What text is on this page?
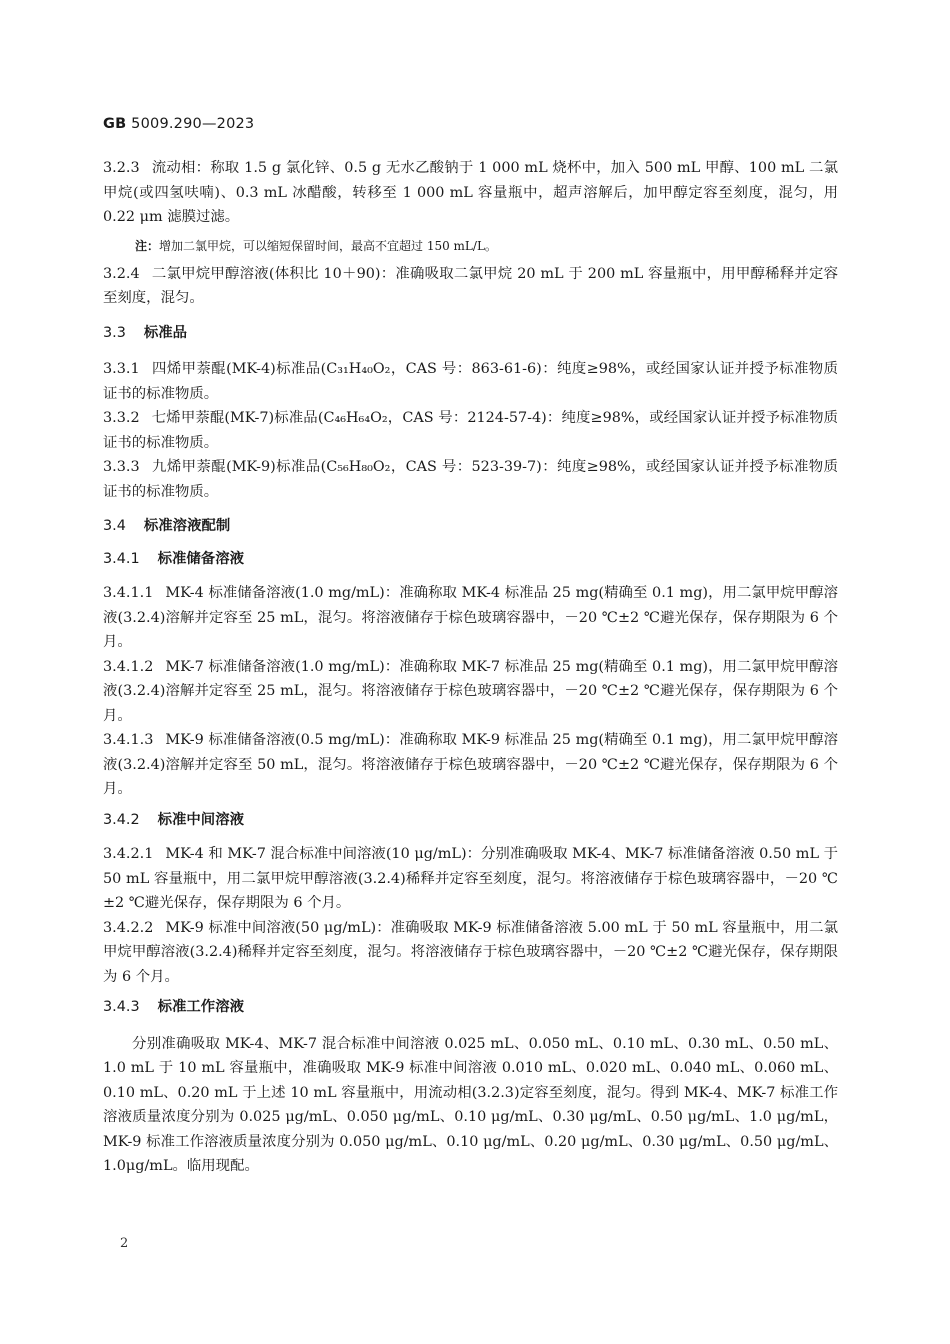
GB 5009.290—2023

3.2.3 流动相：称取 1.5 g 氯化锌、0.5 g 无水乙酸钠于 1 000 mL 烧杯中，加入 500 mL 甲醇、100 mL 二氯甲烷(或四氢呋喃)、0.3 mL 冰醋酸，转移至 1 000 mL 容量瓶中，超声溶解后，加甲醇定容至刻度，混匀，用 0.22 μm 滤膜过滤。

注：增加二氯甲烷，可以缩短保留时间，最高不宜超过 150 mL/L。

3.2.4 二氯甲烷甲醇溶液(体积比 10＋90)：准确吸取二氯甲烷 20 mL 于 200 mL 容量瓶中，用甲醇稀释并定容至刻度，混匀。

3.3 标准品

3.3.1 四烯甲萘醌(MK-4)标准品(C₃₁H₄₀O₂，CAS 号：863-61-6)：纯度≥98%，或经国家认证并授予标准物质证书的标准物质。

3.3.2 七烯甲萘醌(MK-7)标准品(C₄₆H₆₄O₂，CAS 号：2124-57-4)：纯度≥98%，或经国家认证并授予标准物质证书的标准物质。

3.3.3 九烯甲萘醌(MK-9)标准品(C₅₆H₈₀O₂，CAS 号：523-39-7)：纯度≥98%，或经国家认证并授予标准物质证书的标准物质。

3.4 标准溶液配制
3.4.1 标准储备溶液

3.4.1.1 MK-4 标准储备溶液(1.0 mg/mL)：准确称取 MK-4 标准品 25 mg(精确至 0.1 mg)，用二氯甲烷甲醇溶液(3.2.4)溶解并定容至 25 mL，混匀。将溶液储存于棕色玻璃容器中，－20 ℃±2 ℃避光保存，保存期限为 6 个月。

3.4.1.2 MK-7 标准储备溶液(1.0 mg/mL)：准确称取 MK-7 标准品 25 mg(精确至 0.1 mg)，用二氯甲烷甲醇溶液(3.2.4)溶解并定容至 25 mL，混匀。将溶液储存于棕色玻璃容器中，－20 ℃±2 ℃避光保存，保存期限为 6 个月。

3.4.1.3 MK-9 标准储备溶液(0.5 mg/mL)：准确称取 MK-9 标准品 25 mg(精确至 0.1 mg)，用二氯甲烷甲醇溶液(3.2.4)溶解并定容至 50 mL，混匀。将溶液储存于棕色玻璃容器中，－20 ℃±2 ℃避光保存，保存期限为 6 个月。

3.4.2 标准中间溶液

3.4.2.1 MK-4 和 MK-7 混合标准中间溶液(10 μg/mL)：分别准确吸取 MK-4、MK-7 标准储备溶液 0.50 mL 于 50 mL 容量瓶中，用二氯甲烷甲醇溶液(3.2.4)稀释并定容至刻度，混匀。将溶液储存于棕色玻璃容器中，－20 ℃±2 ℃避光保存，保存期限为 6 个月。

3.4.2.2 MK-9 标准中间溶液(50 μg/mL)：准确吸取 MK-9 标准储备溶液 5.00 mL 于 50 mL 容量瓶中，用二氯甲烷甲醇溶液(3.2.4)稀释并定容至刻度，混匀。将溶液储存于棕色玻璃容器中，－20 ℃±2 ℃避光保存，保存期限为 6 个月。

3.4.3 标准工作溶液

分别准确吸取 MK-4、MK-7 混合标准中间溶液 0.025 mL、0.050 mL、0.10 mL、0.30 mL、0.50 mL、1.0 mL 于 10 mL 容量瓶中，准确吸取 MK-9 标准中间溶液 0.010 mL、0.020 mL、0.040 mL、0.060 mL、0.10 mL、0.20 mL 于上述 10 mL 容量瓶中，用流动相(3.2.3)定容至刻度，混匀。得到 MK-4、MK-7 标准工作溶液质量浓度分别为 0.025 μg/mL、0.050 μg/mL、0.10 μg/mL、0.30 μg/mL、0.50 μg/mL、1.0 μg/mL，MK-9 标准工作溶液质量浓度分别为 0.050 μg/mL、0.10 μg/mL、0.20 μg/mL、0.30 μg/mL、0.50 μg/mL、1.0μg/mL。临用现配。

2
